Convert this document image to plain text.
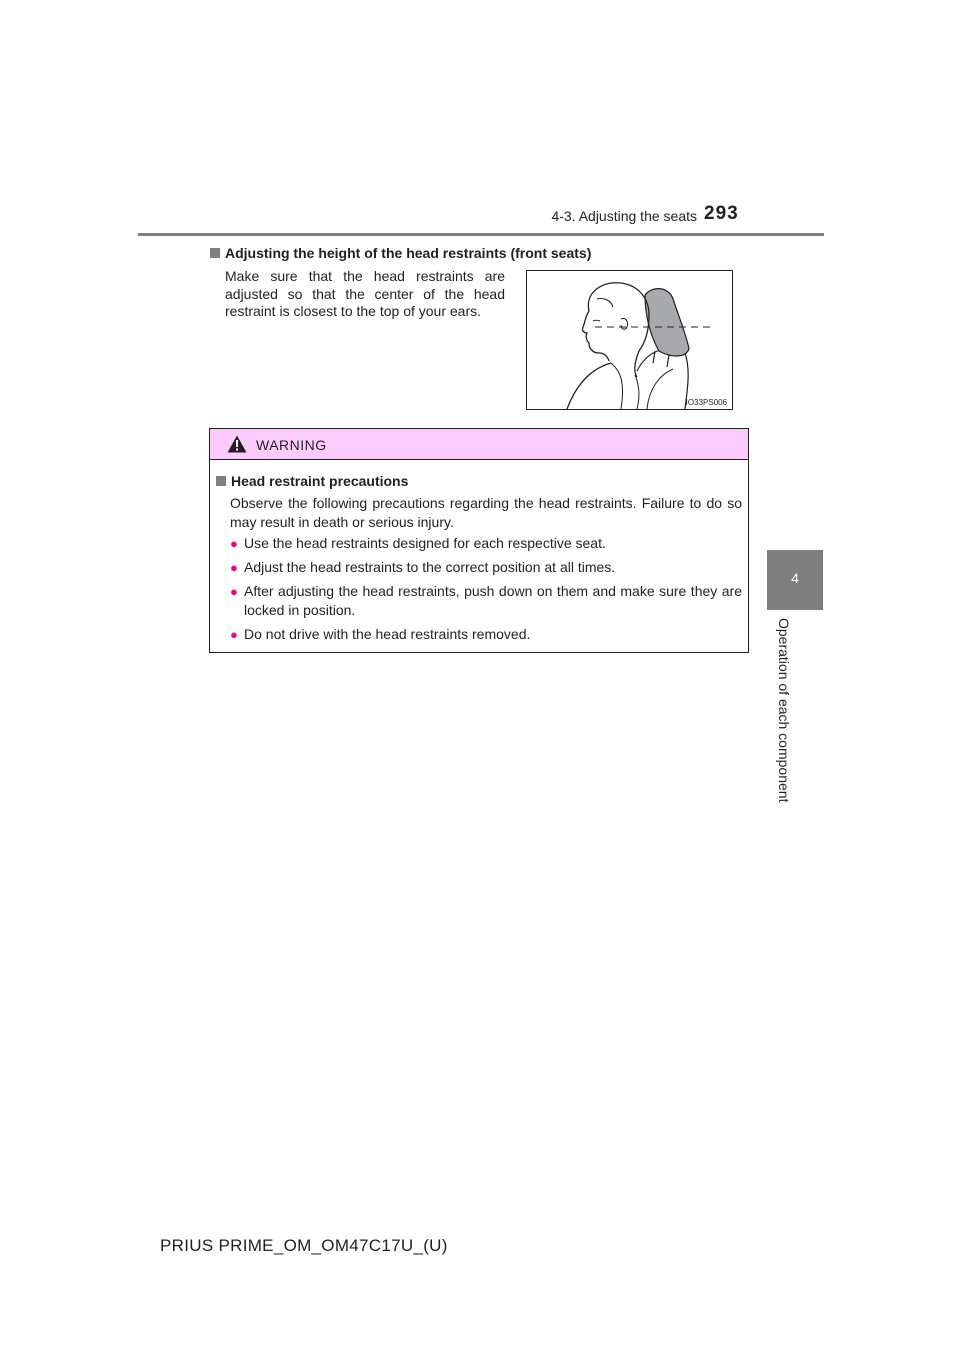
4-3. Adjusting the seats 293
4
Operation of each component
Adjusting the height of the head restraints (front seats)
Make sure that the head restraints are adjusted so that the center of the head restraint is closest to the top of your ears.
IO33PS006
WARNING
Head restraint precautions
Observe the following precautions regarding the head restraints. Failure to do so may result in death or serious injury.
● Use the head restraints designed for each respective seat.
● Adjust the head restraints to the correct position at all times.
● After adjusting the head restraints, push down on them and make sure they are locked in position.
● Do not drive with the head restraints removed.
PRIUS PRIME_OM_OM47C17U_(U)
